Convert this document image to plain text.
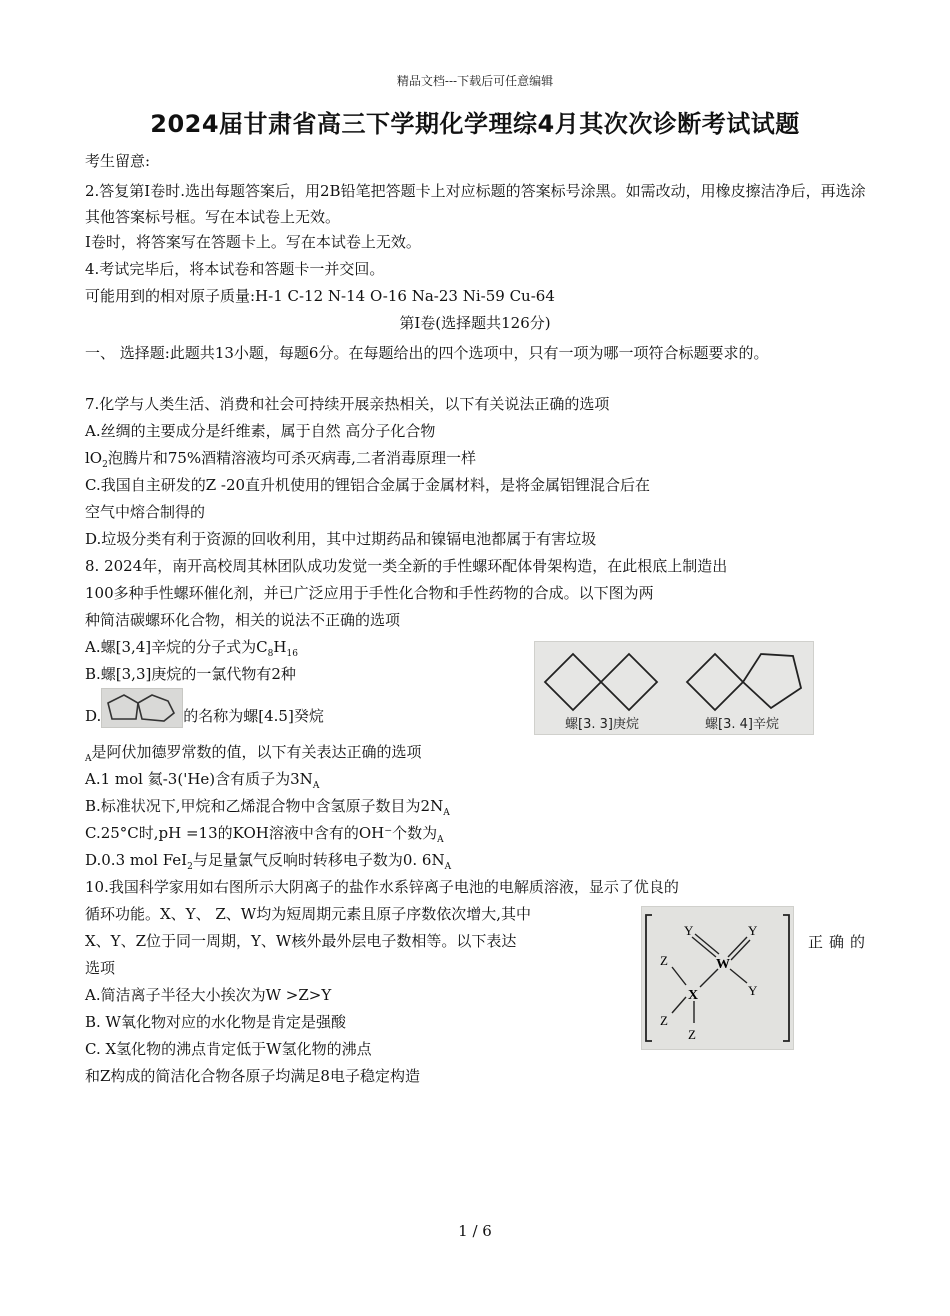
精品文档---下载后可任意编辑
2024届甘肃省高三下学期化学理综4月其次次诊断考试试题
考生留意:
2.答复第I卷时.选出每题答案后，用2B铅笔把答题卡上对应标题的答案标号涂黑。如需改动，用橡皮擦洁净后，再选涂其他答案标号框。写在本试卷上无效。
I卷时，将答案写在答题卡上。写在本试卷上无效。
4.考试完毕后，将本试卷和答题卡一并交回。
可能用到的相对原子质量:H-1 C-12 N-14 O-16 Na-23 Ni-59 Cu-64
第I卷(选择题共126分)
一、 选择题:此题共13小题，每题6分。在每题给出的四个选项中，只有一项为哪一项符合标题要求的。
7.化学与人类生活、消费和社会可持续开展亲热相关，以下有关说法正确的选项
A.丝绸的主要成分是纤维素，属于自然 高分子化合物
$lO_2$泡腾片和75%酒精溶液均可杀灭病毒,二者消毒原理一样
C.我国自主研发的Z -20直升机使用的锂铝合金属于金属材料，是将金属铝锂混合后在
空气中熔合制得的
D.垃圾分类有利于资源的回收利用，其中过期药品和镍镉电池都属于有害垃圾
8. 2024年，南开高校周其林团队成功发觉一类全新的手性螺环配体骨架构造，在此根底上制造出
100多种手性螺环催化剂，并已广泛应用于手性化合物和手性药物的合成。以下图为两
种简洁碳螺环化合物，相关的说法不正确的选项
A.螺[3,4]辛烷的分子式为$C_8H_{16}$
B.螺[3,3]庚烷的一氯代物有2种
D.	的名称为螺[4.5]癸烷	螺[3. 3]庚烷	螺[3. 4]辛烷
$_A$是阿伏加德罗常数的值，以下有关表达正确的选项
A.1 mol 氦-3('He)含有质子为$3N_A$
B.标准状况下,甲烷和乙烯混合物中含氢原子数目为$2N_A$
C.25°C时,pH =13的KOH溶液中含有的OH⁻个数为$_A$
D.0.3 mol FeI$_2$与足量氯气反响时转移电子数为0. $6N_A$
10.我国科学家用如右图所示大阴离子的盐作水系锌离子电池的电解质溶液，显示了优良的
循环功能。X、Y、 Z、W均为短周期元素且原子序数依次增大,其中
X、Y、Z位于同一周期，Y、W核外最外层电子数相等。以下表达	正确的
选项
A.简洁离子半径大小挨次为W >Z>Y
B. W氧化物对应的水化物是肯定是强酸
C. X氢化物的沸点肯定低于W氢化物的沸点
和Z构成的简洁化合物各原子均满足8电子稳定构造
Y	Y
Z	W
Y
X
Z
Z
1 / 6
